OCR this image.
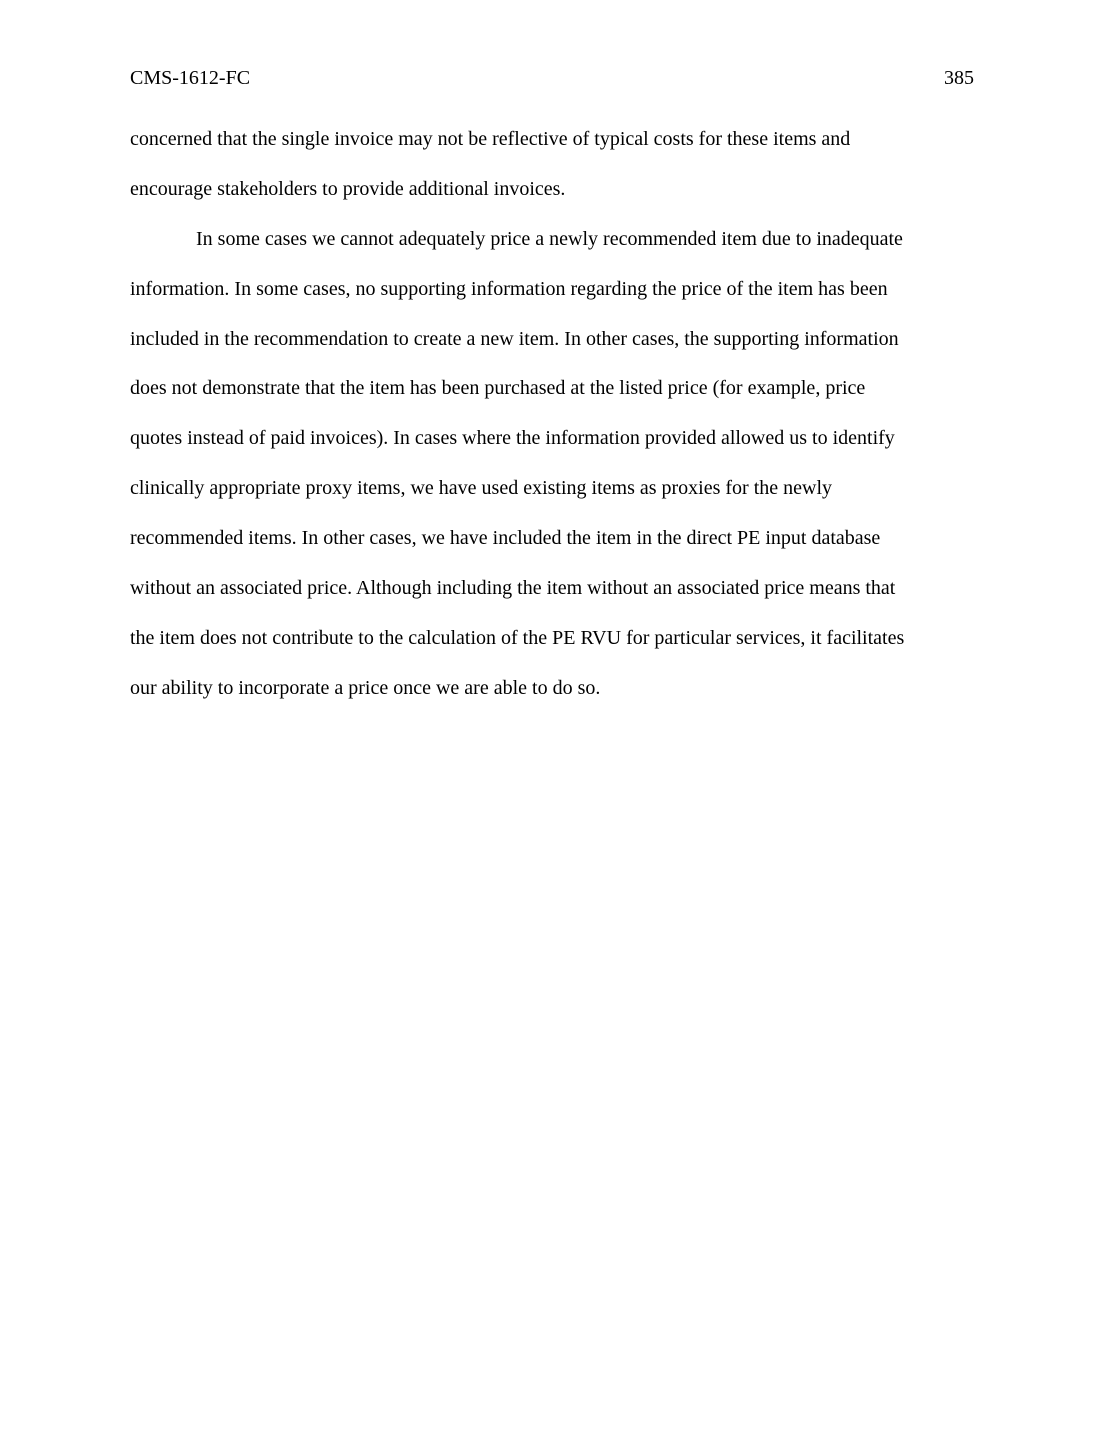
CMS-1612-FC	385
concerned that the single invoice may not be reflective of typical costs for these items and
encourage stakeholders to provide additional invoices.
In some cases we cannot adequately price a newly recommended item due to inadequate
information. In some cases, no supporting information regarding the price of the item has been
included in the recommendation to create a new item. In other cases, the supporting information
does not demonstrate that the item has been purchased at the listed price (for example, price
quotes instead of paid invoices). In cases where the information provided allowed us to identify
clinically appropriate proxy items, we have used existing items as proxies for the newly
recommended items. In other cases, we have included the item in the direct PE input database
without an associated price. Although including the item without an associated price means that
the item does not contribute to the calculation of the PE RVU for particular services, it facilitates
our ability to incorporate a price once we are able to do so.
